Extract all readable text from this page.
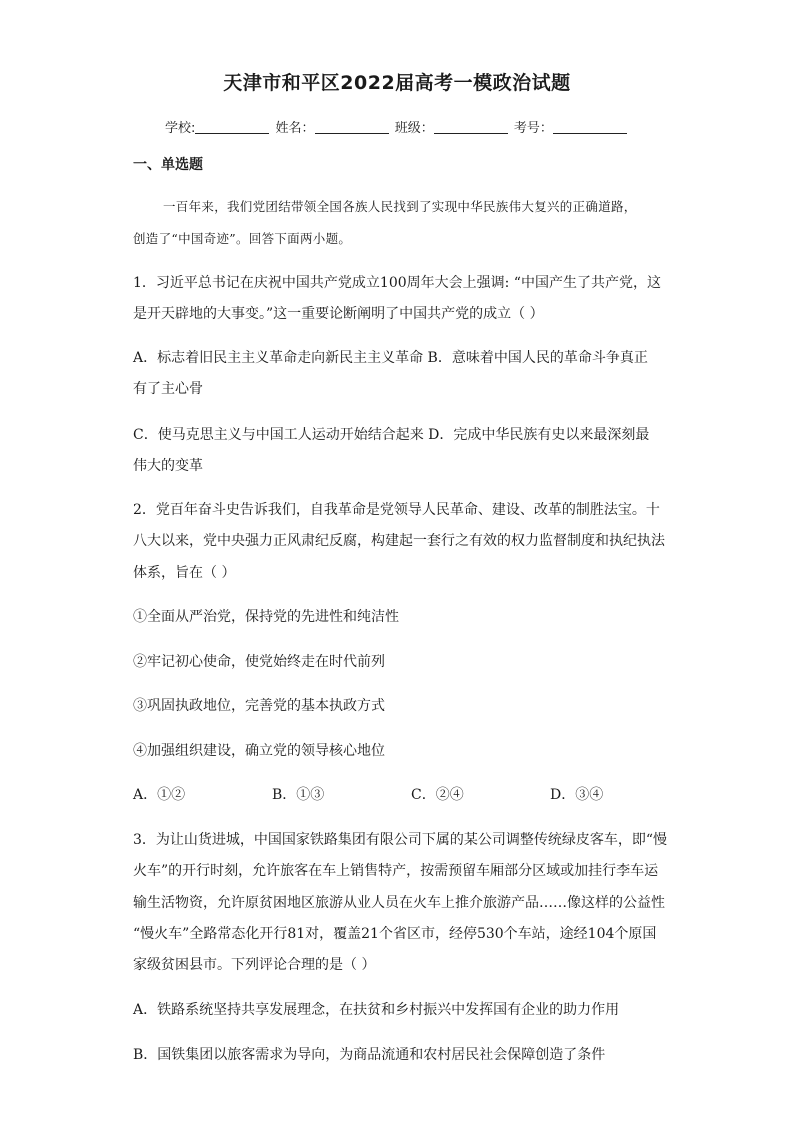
天津市和平区2022届高考一模政治试题
学校:	姓名：	班级：	考号：
一、单选题
一百年来，我们党团结带领全国各族人民找到了实现中华民族伟大复兴的正确道路，
创造了“中国奇迹”。回答下面两小题。
1．习近平总书记在庆祝中国共产党成立100周年大会上强调: “中国产生了共产党，这
是开天辟地的大事变。”这一重要论断阐明了中国共产党的成立（ ）
A．标志着旧民主主义革命走向新民主主义革命 B．意味着中国人民的革命斗争真正
有了主心骨
C．使马克思主义与中国工人运动开始结合起来 D．完成中华民族有史以来最深刻最
伟大的变革
2．党百年奋斗史告诉我们，自我革命是党领导人民革命、建设、改革的制胜法宝。十
八大以来，党中央强力正风肃纪反腐，构建起一套行之有效的权力监督制度和执纪执法
体系，旨在（ ）
①全面从严治党，保持党的先进性和纯洁性
②牢记初心使命，使党始终走在时代前列
③巩固执政地位，完善党的基本执政方式
④加强组织建设，确立党的领导核心地位
A．①②	B．①③	C．②④	D．③④
3．为让山货进城，中国国家铁路集团有限公司下属的某公司调整传统绿皮客车，即“慢
火车”的开行时刻，允许旅客在车上销售特产，按需预留车厢部分区域或加挂行李车运
输生活物资，允许原贫困地区旅游从业人员在火车上推介旅游产品……像这样的公益性
“慢火车”全路常态化开行81对，覆盖21个省区市，经停530个车站，途经104个原国
家级贫困县市。下列评论合理的是（ ）
A．铁路系统坚持共享发展理念，在扶贫和乡村振兴中发挥国有企业的助力作用
B．国铁集团以旅客需求为导向，为商品流通和农村居民社会保障创造了条件
